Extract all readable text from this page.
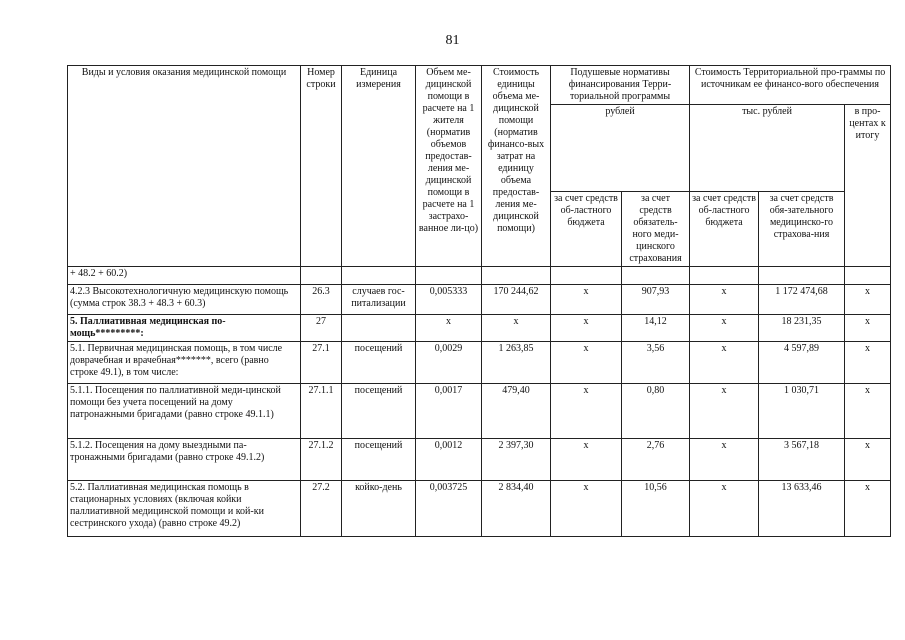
81
Виды и условия оказания медицинской помощи	Номер строки	Единица измерения	Объем ме-дицинской помощи в расчете на 1 жителя (норматив объемов предостав-ления ме-дицинской помощи в расчете на 1 застрахо-ванное ли-цо)	Стоимость единицы объема ме-дицинской помощи (норматив финансо-вых затрат на единицу объема предостав-ления ме-дицинской помощи)	Подушевые нормативы финансирования Терри-ториальной программы		Стоимость Территориальной про-граммы по источникам ее финансо-вого обеспечения		
					рублей		тыс. рублей		в про-центах к итогу
					за счет средств об-ластного бюджета	за счет средств обязатель-ного меди-цинского страхования	за счет средств об-ластного бюджета	за счет средств обя-зательного медицинско-го страхова-ния	
+ 48.2 + 60.2)									
4.2.3 Высокотехнологичную медицинскую помощь (сумма строк 38.3 + 48.3 + 60.3)	26.3	случаев гос-питализации	0,005333	170 244,62	х	907,93	х	1 172 474,68	х
5. Паллиативная медицинская по-мощь*********:	27		х	х	х	14,12	х	18 231,35	х
5.1. Первичная медицинская помощь, в том числе доврачебная и врачебная*******, всего (равно строке 49.1), в том числе:	27.1	посещений	0,0029	1 263,85	х	3,56	х	4 597,89	х
5.1.1. Посещения по паллиативной меди-цинской помощи без учета посещений на дому патронажными бригадами (равно строке 49.1.1)	27.1.1	посещений	0,0017	479,40	х	0,80	х	1 030,71	х
5.1.2. Посещения на дому выездными па-тронажными бригадами (равно строке 49.1.2)	27.1.2	посещений	0,0012	2 397,30	х	2,76	х	3 567,18	х
5.2. Паллиативная медицинская помощь в стационарных условиях (включая койки паллиативной медицинской помощи и кой-ки сестринского ухода) (равно строке 49.2)	27.2	койко-день	0,003725	2 834,40	х	10,56	х	13 633,46	х
